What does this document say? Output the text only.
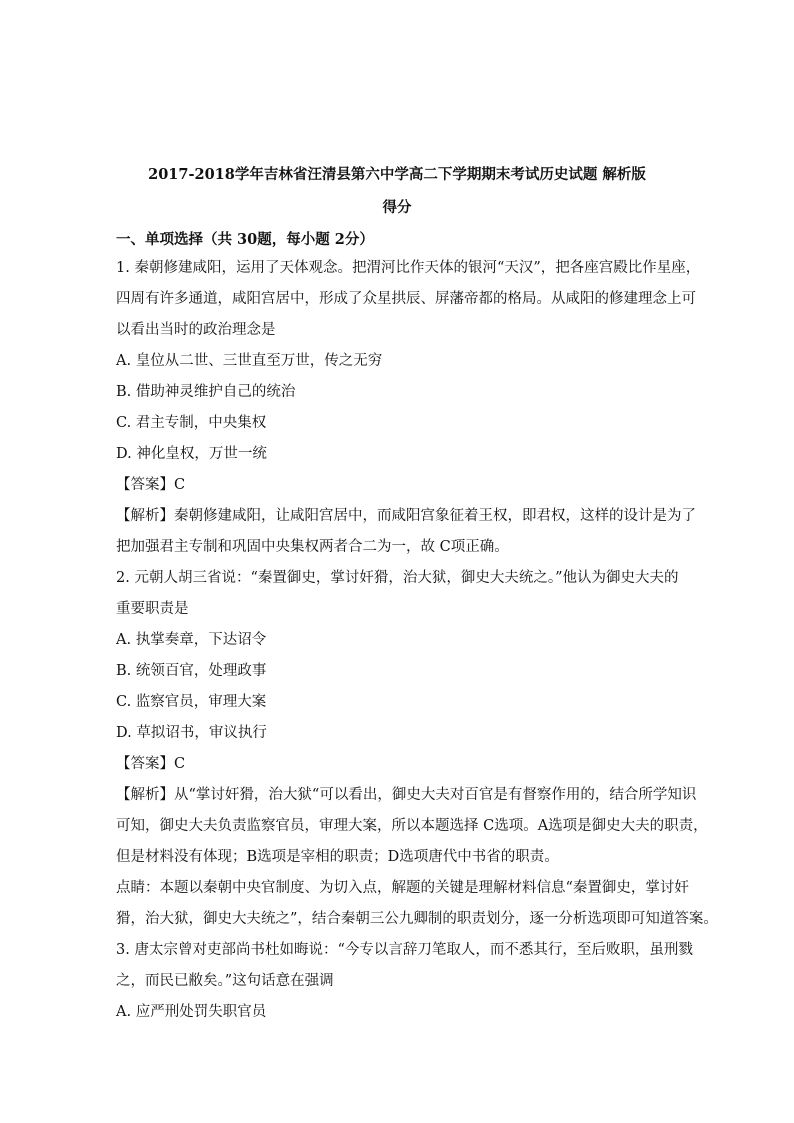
2017-2018学年吉林省汪清县第六中学高二下学期期末考试历史试题 解析版
得分
一、单项选择（共 30题，每小题 2分）
1. 秦朝修建咸阳，运用了天体观念。把渭河比作天体的银河“天汉”，把各座宫殿比作星座，
四周有许多通道，咸阳宫居中，形成了众星拱辰、屏藩帝都的格局。从咸阳的修建理念上可
以看出当时的政治理念是
A. 皇位从二世、三世直至万世，传之无穷
B. 借助神灵维护自己的统治
C. 君主专制，中央集权
D. 神化皇权，万世一统
【答案】C
【解析】秦朝修建咸阳，让咸阳宫居中，而咸阳宫象征着王权，即君权，这样的设计是为了
把加强君主专制和巩固中央集权两者合二为一，故 C项正确。
2. 元朝人胡三省说：“秦置御史，掌讨奸猾，治大狱，御史大夫统之。”他认为御史大夫的
重要职责是
A. 执掌奏章，下达诏令
B. 统领百官，处理政事
C. 监察官员，审理大案
D. 草拟诏书，审议执行
【答案】C
【解析】从“掌讨奸猾，治大狱“可以看出，御史大夫对百官是有督察作用的，结合所学知识
可知，御史大夫负责监察官员，审理大案，所以本题选择 C选项。A选项是御史大夫的职责，
但是材料没有体现；B选项是宰相的职责；D选项唐代中书省的职责。
点睛：本题以秦朝中央官制度、为切入点，解题的关键是理解材料信息“秦置御史，掌讨奸
猾，治大狱，御史大夫统之”，结合秦朝三公九卿制的职责划分，逐一分析选项即可知道答案。
3. 唐太宗曾对吏部尚书杜如晦说：“今专以言辞刀笔取人，而不悉其行，至后败职，虽刑戮
之，而民已敝矣。”这句话意在强调
A. 应严刑处罚失职官员
